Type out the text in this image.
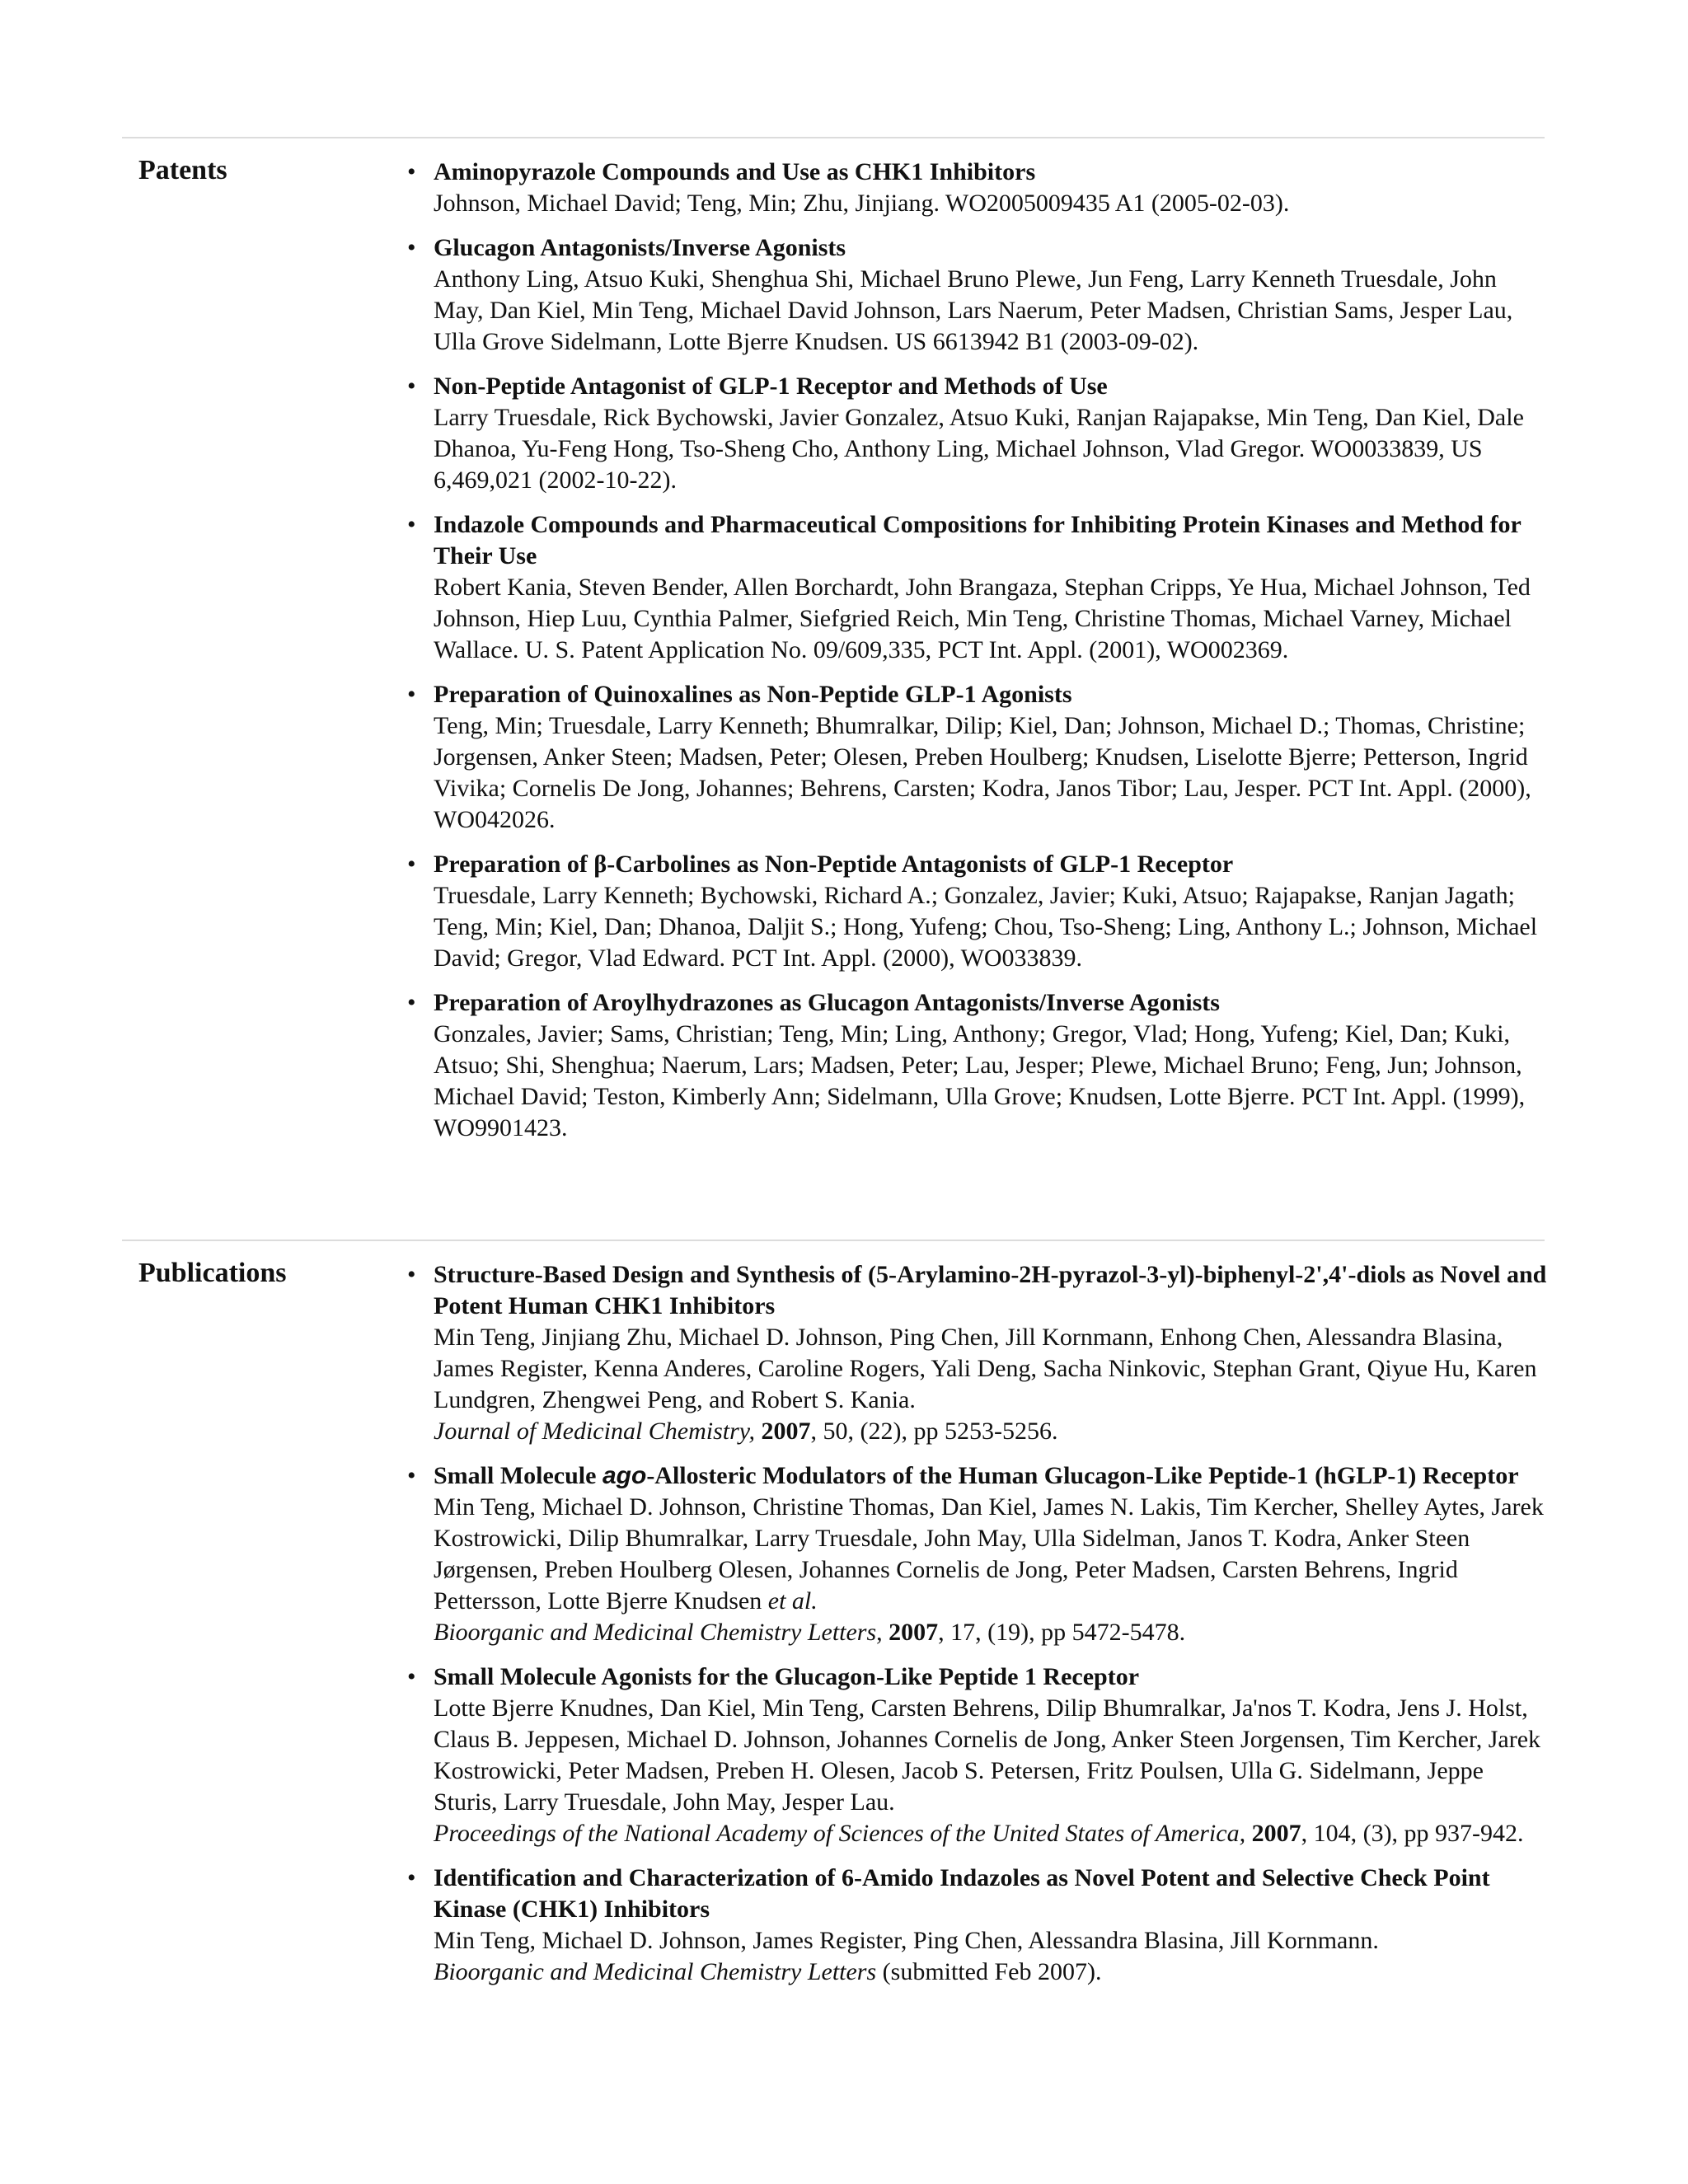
Patents	• Aminopyrazole Compounds and Use as CHK1 Inhibitors
Johnson, Michael David; Teng, Min; Zhu, Jinjiang. WO2005009435 A1 (2005-02-03).
• Glucagon Antagonists/Inverse Agonists
Anthony Ling, Atsuo Kuki, Shenghua Shi, Michael Bruno Plewe, Jun Feng, Larry Kenneth Truesdale, John May, Dan Kiel, Min Teng, Michael David Johnson, Lars Naerum, Peter Madsen, Christian Sams, Jesper Lau, Ulla Grove Sidelmann, Lotte Bjerre Knudsen. US 6613942 B1 (2003-09-02).
• Non-Peptide Antagonist of GLP-1 Receptor and Methods of Use
Larry Truesdale, Rick Bychowski, Javier Gonzalez, Atsuo Kuki, Ranjan Rajapakse, Min Teng, Dan Kiel, Dale Dhanoa, Yu-Feng Hong, Tso-Sheng Cho, Anthony Ling, Michael Johnson, Vlad Gregor. WO0033839, US 6,469,021 (2002-10-22).
• Indazole Compounds and Pharmaceutical Compositions for Inhibiting Protein Kinases and Method for Their Use
Robert Kania, Steven Bender, Allen Borchardt, John Brangaza, Stephan Cripps, Ye Hua, Michael Johnson, Ted Johnson, Hiep Luu, Cynthia Palmer, Siefgried Reich, Min Teng, Christine Thomas, Michael Varney, Michael Wallace. U. S. Patent Application No. 09/609,335, PCT Int. Appl. (2001), WO002369.
• Preparation of Quinoxalines as Non-Peptide GLP-1 Agonists
Teng, Min; Truesdale, Larry Kenneth; Bhumralkar, Dilip; Kiel, Dan; Johnson, Michael D.; Thomas, Christine; Jorgensen, Anker Steen; Madsen, Peter; Olesen, Preben Houlberg; Knudsen, Liselotte Bjerre; Petterson, Ingrid Vivika; Cornelis De Jong, Johannes; Behrens, Carsten; Kodra, Janos Tibor; Lau, Jesper. PCT Int. Appl. (2000), WO042026.
• Preparation of β-Carbolines as Non-Peptide Antagonists of GLP-1 Receptor
Truesdale, Larry Kenneth; Bychowski, Richard A.; Gonzalez, Javier; Kuki, Atsuo; Rajapakse, Ranjan Jagath; Teng, Min; Kiel, Dan; Dhanoa, Daljit S.; Hong, Yufeng; Chou, Tso-Sheng; Ling, Anthony L.; Johnson, Michael David; Gregor, Vlad Edward. PCT Int. Appl. (2000), WO033839.
• Preparation of Aroylhydrazones as Glucagon Antagonists/Inverse Agonists
Gonzales, Javier; Sams, Christian; Teng, Min; Ling, Anthony; Gregor, Vlad; Hong, Yufeng; Kiel, Dan; Kuki, Atsuo; Shi, Shenghua; Naerum, Lars; Madsen, Peter; Lau, Jesper; Plewe, Michael Bruno; Feng, Jun; Johnson, Michael David; Teston, Kimberly Ann; Sidelmann, Ulla Grove; Knudsen, Lotte Bjerre. PCT Int. Appl. (1999), WO9901423.
Publications	• Structure-Based Design and Synthesis of (5-Arylamino-2H-pyrazol-3-yl)-biphenyl-2',4'-diols as Novel and Potent Human CHK1 Inhibitors
Min Teng, Jinjiang Zhu, Michael D. Johnson, Ping Chen, Jill Kornmann, Enhong Chen, Alessandra Blasina, James Register, Kenna Anderes, Caroline Rogers, Yali Deng, Sacha Ninkovic, Stephan Grant, Qiyue Hu, Karen Lundgren, Zhengwei Peng, and Robert S. Kania.
Journal of Medicinal Chemistry, 2007, 50, (22), pp 5253-5256.
• Small Molecule ago-Allosteric Modulators of the Human Glucagon-Like Peptide-1 (hGLP-1) Receptor
Min Teng, Michael D. Johnson, Christine Thomas, Dan Kiel, James N. Lakis, Tim Kercher, Shelley Aytes, Jarek Kostrowicki, Dilip Bhumralkar, Larry Truesdale, John May, Ulla Sidelman, Janos T. Kodra, Anker Steen Jørgensen, Preben Houlberg Olesen, Johannes Cornelis de Jong, Peter Madsen, Carsten Behrens, Ingrid Pettersson, Lotte Bjerre Knudsen et al.
Bioorganic and Medicinal Chemistry Letters, 2007, 17, (19), pp 5472-5478.
• Small Molecule Agonists for the Glucagon-Like Peptide 1 Receptor
Lotte Bjerre Knudnes, Dan Kiel, Min Teng, Carsten Behrens, Dilip Bhumralkar, Ja'nos T. Kodra, Jens J. Holst, Claus B. Jeppesen, Michael D. Johnson, Johannes Cornelis de Jong, Anker Steen Jorgensen, Tim Kercher, Jarek Kostrowicki, Peter Madsen, Preben H. Olesen, Jacob S. Petersen, Fritz Poulsen, Ulla G. Sidelmann, Jeppe Sturis, Larry Truesdale, John May, Jesper Lau.
Proceedings of the National Academy of Sciences of the United States of America, 2007, 104, (3), pp 937-942.
• Identification and Characterization of 6-Amido Indazoles as Novel Potent and Selective Check Point Kinase (CHK1) Inhibitors
Min Teng, Michael D. Johnson, James Register, Ping Chen, Alessandra Blasina, Jill Kornmann.
Bioorganic and Medicinal Chemistry Letters (submitted Feb 2007).
